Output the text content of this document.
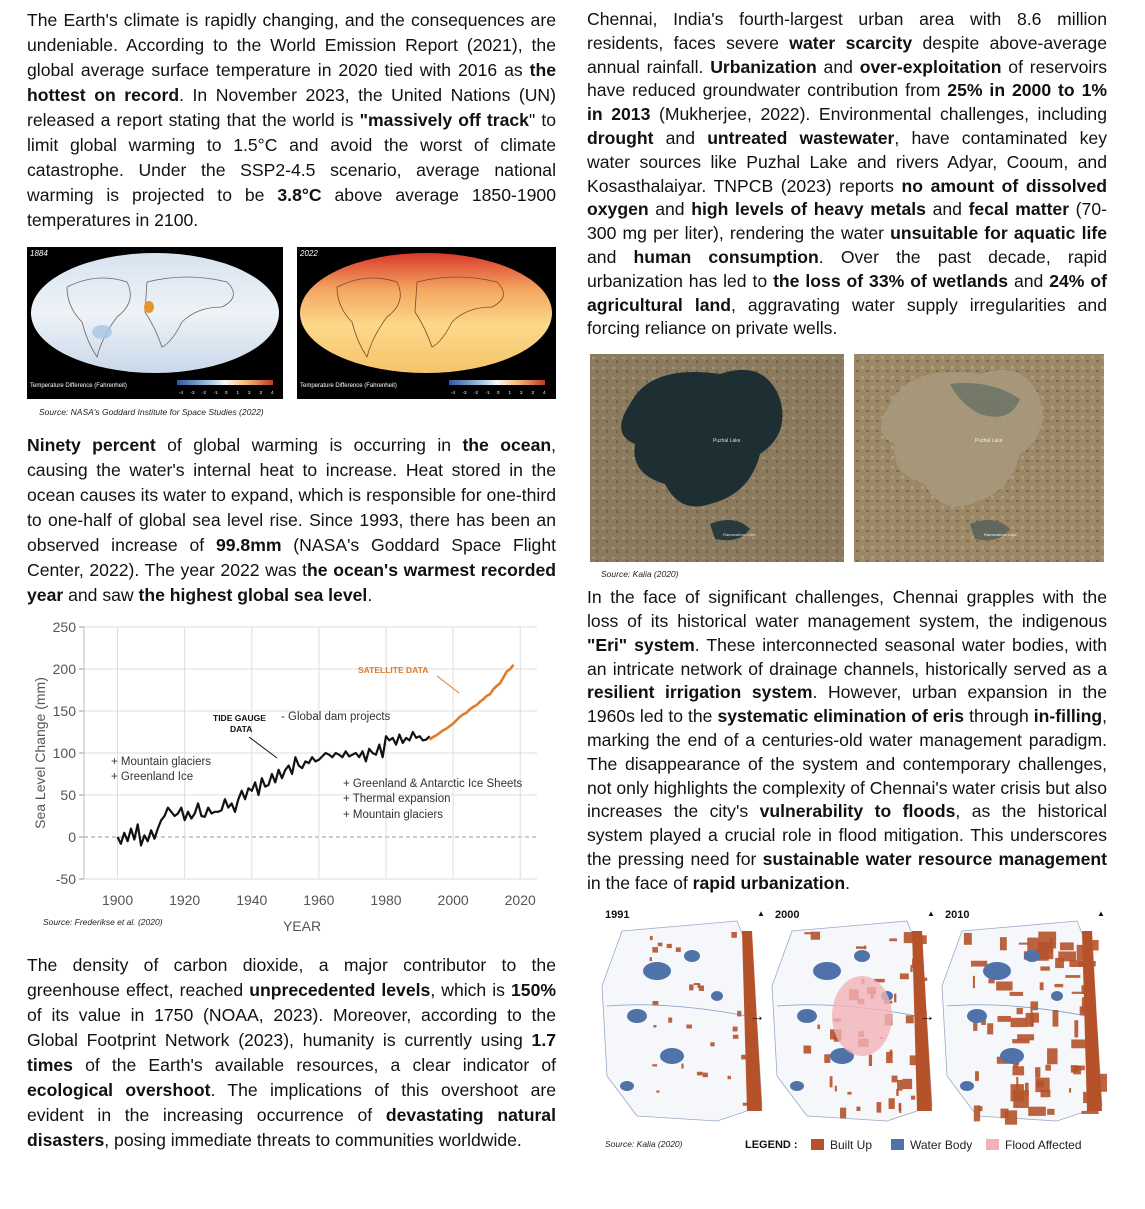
The Earth's climate is rapidly changing, and the consequences are undeniable. According to the World Emission Report (2021), the global average surface temperature in 2020 tied with 2016 as the hottest on record. In November 2023, the United Nations (UN) released a report stating that the world is "massively off track" to limit global warming to 1.5°C and avoid the worst of climate catastrophe. Under the SSP2-4.5 scenario, average national warming is projected to be 3.8°C above average 1850-1900 temperatures in 2100.

1884
Temperature Difference (Fahrenheit)
-4 -3 -2 -1 0 1 2 3 4
2022
Temperature Difference (Fahrenheit)
-4 -3 -2 -1 0 1 2 3 4
Source: NASA's Goddard Institute for Space Studies (2022)

Ninety percent of global warming is occurring in the ocean, causing the water's internal heat to increase. Heat stored in the ocean causes its water to expand, which is responsible for one-third to one-half of global sea level rise. Since 1993, there has been an observed increase of 99.8mm (NASA's Goddard Space Flight Center, 2022). The year 2022 was the ocean's warmest recorded year and saw the highest global sea level.

-50
0
50
100
150
200
250
1900	1920	1940	1960	1980	2000	2020
YEAR
Sea Level Change (mm)
SATELLITE DATA
TIDE GAUGE
DATA
- Global dam projects
+ Mountain glaciers
+ Greenland Ice
+ Greenland & Antarctic Ice Sheets
+ Thermal expansion
+ Mountain glaciers
Source: Frederikse et al. (2020)

The density of carbon dioxide, a major contributor to the greenhouse effect, reached unprecedented levels, which is 150% of its value in 1750 (NOAA, 2023). Moreover, according to the Global Footprint Network (2023), humanity is currently using 1.7 times of the Earth's available resources, a clear indicator of ecological overshoot. The implications of this overshoot are evident in the increasing occurrence of devastating natural disasters, posing immediate threats to communities worldwide.

Chennai, India's fourth-largest urban area with 8.6 million residents, faces severe water scarcity despite above-average annual rainfall. Urbanization and over-exploitation of reservoirs have reduced groundwater contribution from 25% in 2000 to 1% in 2013 (Mukherjee, 2022). Environmental challenges, including drought and untreated wastewater, have contaminated key water sources like Puzhal Lake and rivers Adyar, Cooum, and Kosasthalaiyar. TNPCB (2023) reports no amount of dissolved oxygen and high levels of heavy metals and fecal matter (70-300 mg per liter), rendering the water unsuitable for aquatic life and human consumption. Over the past decade, rapid urbanization has led to the loss of 33% of wetlands and 24% of agricultural land, aggravating water supply irregularities and forcing reliance on private wells.

Puzhal Lake
Ramanathan Lake
Puzhal Lake
Ramanathan Lake
Source: Kalia (2020)

In the face of significant challenges, Chennai grapples with the loss of its historical water management system, the indigenous "Eri" system. These interconnected seasonal water bodies, with an intricate network of drainage channels, historically served as a resilient irrigation system. However, urban expansion in the 1960s led to the systematic elimination of eris through in-filling, marking the end of a centuries-old water management paradigm. The disappearance of the system and contemporary challenges, not only highlights the complexity of Chennai's water crisis but also increases the city's vulnerability to floods, as the historical system played a crucial role in flood mitigation. This underscores the pressing need for sustainable water resource management in the face of rapid urbanization.

▲
1991	▲
2000
→
▲
2010
→
Source: Kalia (2020)	LEGEND :	Built Up	Water Body	Flood Affected
